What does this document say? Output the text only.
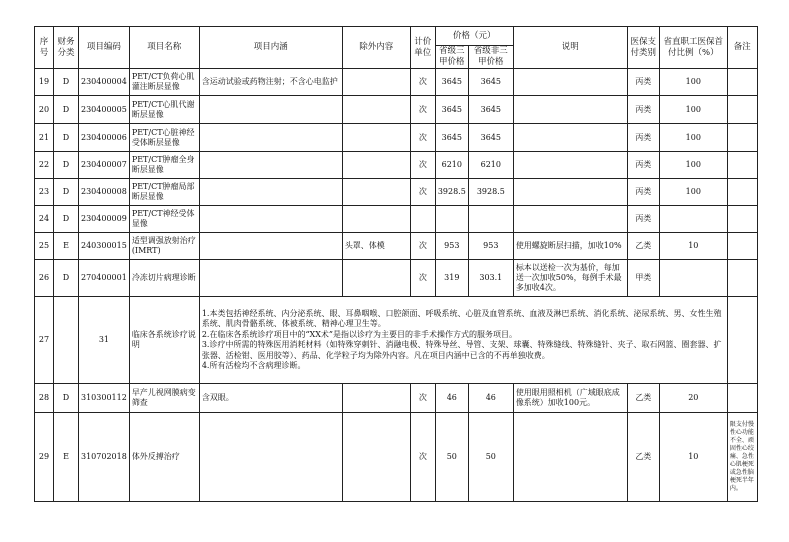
序号	财务分类	项目编码	项目名称	项目内涵	除外内容	计价单位	价格（元）		说明	医保支付类别	省直职工医保首付比例（%）	备注
							省级三甲价格	省级非三甲价格				
19	D	230400004	PET/CT负荷心肌灌注断层显像	含运动试验或药物注射；不含心电监护		次	3645	3645		丙类	100	
20	D	230400005	PET/CT心肌代谢断层显像			次	3645	3645		丙类	100	
21	D	230400006	PET/CT心脏神经受体断层显像			次	3645	3645		丙类	100	
22	D	230400007	PET/CT肿瘤全身断层显像			次	6210	6210		丙类	100	
23	D	230400008	PET/CT肿瘤局部断层显像			次	3928.5	3928.5		丙类	100	
24	D	230400009	PET/CT神经受体显像							丙类		
25	E	240300015	适型调强放射治疗(IMRT)		头罩、体模	次	953	953	使用螺旋断层扫描，加收10%	乙类	10	
26	D	270400001	冷冻切片病理诊断			次	319	303.1	标本以送检一次为基价，每加送一次加收50%，每例手术最多加收4次。	甲类		
27		31	临床各系统诊疗说明	1.本类包括神经系统、内分泌系统、眼、耳鼻咽喉、口腔颌面、呼吸系统、心脏及血管系统、血液及淋巴系统、消化系统、泌尿系统、男、女性生殖系统、肌肉骨骼系统、体被系统、精神心理卫生等。
2.在临床各系统诊疗项目中的“XX术”是指以诊疗为主要目的非手术操作方式的服务项目。
3.诊疗中所需的特殊医用消耗材料（如特殊穿刺针、消融电极、特殊导丝、导管、支架、球囊、特殊缝线、特殊缝针、夹子、取石网篮、圈套器、扩张器、活检钳、医用胶等）、药品、化学粒子均为除外内容。凡在项目内涵中已含的不再单独收费。
4.所有活检均不含病理诊断。								

28	D	310300112	早产儿视网膜病变筛查	含双眼。		次	46	46	使用眼用照相机（广域眼底成像系统）加收100元。	乙类	20	
29	E	310702018	体外反搏治疗			次	50	50		乙类	10	限支付慢性心功能不全、顽固性心绞痛、急性心肌梗死或急性脑梗死半年内。
